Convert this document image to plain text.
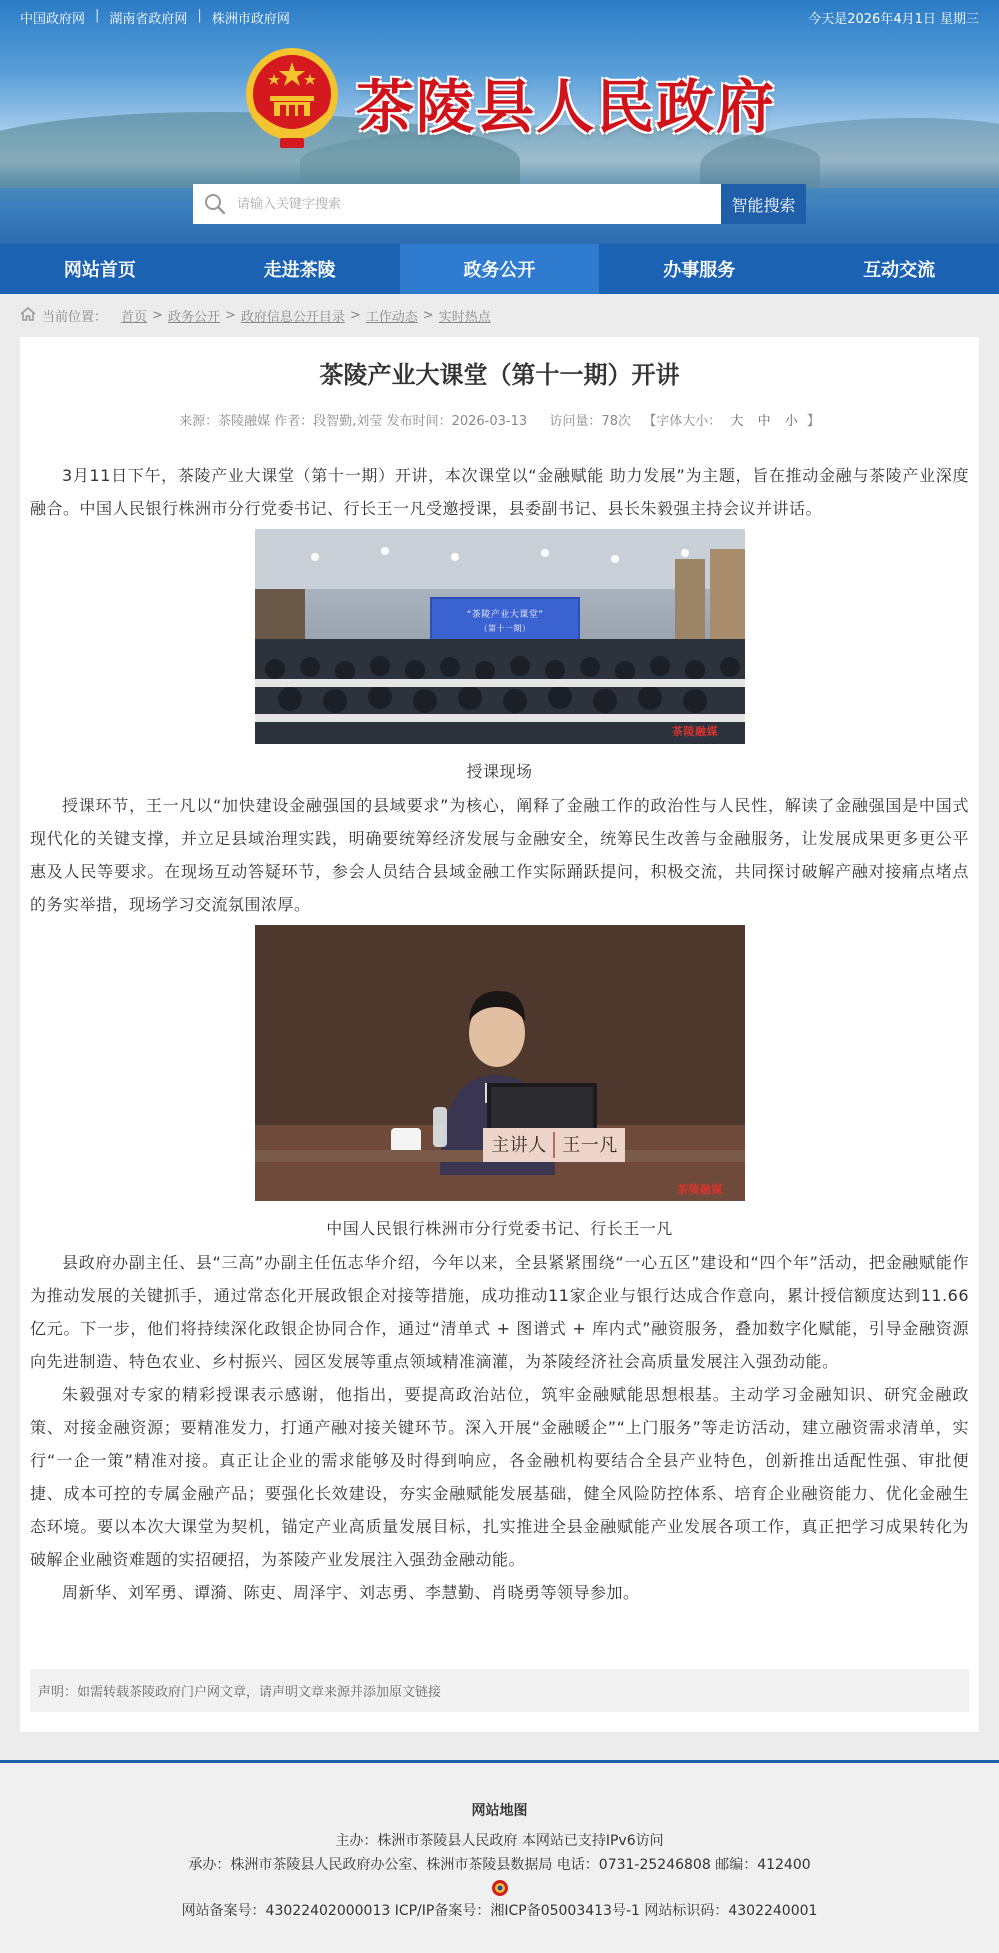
中国政府网 | 湖南省政府网 | 株洲市政府网	今天是2026年4月1日 星期三
茶陵县人民政府
请输入关键字搜索
智能搜索
网站首页	走进茶陵	政务公开	办事服务	互动交流
当前位置： 首页 > 政务公开 > 政府信息公开目录 > 工作动态 > 实时热点
茶陵产业大课堂（第十一期）开讲
来源：茶陵融媒 作者：段智勤,刘莹 发布时间：2026-03-13 访问量：78次 【字体大小： 大 中 小 】

3月11日下午，茶陵产业大课堂（第十一期）开讲，本次课堂以“金融赋能 助力发展”为主题，旨在推动金融与茶陵产业深度融合。中国人民银行株洲市分行党委书记、行长王一凡受邀授课，县委副书记、县长朱毅强主持会议并讲话。

“茶陵产业大课堂”
（第十一期）
茶陵融媒
授课现场

授课环节，王一凡以“加快建设金融强国的县域要求”为核心，阐释了金融工作的政治性与人民性，解读了金融强国是中国式现代化的关键支撑，并立足县域治理实践，明确要统筹经济发展与金融安全，统筹民生改善与金融服务，让发展成果更多更公平惠及人民等要求。在现场互动答疑环节，参会人员结合县域金融工作实际踊跃提问，积极交流，共同探讨破解产融对接痛点堵点的务实举措，现场学习交流氛围浓厚。

主讲人 王一凡
茶陵融媒
中国人民银行株洲市分行党委书记、行长王一凡

县政府办副主任、县“三高”办副主任伍志华介绍，今年以来，全县紧紧围绕“一心五区”建设和“四个年”活动，把金融赋能作为推动发展的关键抓手，通过常态化开展政银企对接等措施，成功推动11家企业与银行达成合作意向，累计授信额度达到11.66亿元。下一步，他们将持续深化政银企协同合作，通过“清单式 + 图谱式 + 库内式”融资服务，叠加数字化赋能，引导金融资源向先进制造、特色农业、乡村振兴、园区发展等重点领域精准滴灌，为茶陵经济社会高质量发展注入强劲动能。

朱毅强对专家的精彩授课表示感谢，他指出，要提高政治站位，筑牢金融赋能思想根基。主动学习金融知识、研究金融政策、对接金融资源；要精准发力，打通产融对接关键环节。深入开展“金融暖企”“上门服务”等走访活动，建立融资需求清单，实行“一企一策”精准对接。真正让企业的需求能够及时得到响应，各金融机构要结合全县产业特色，创新推出适配性强、审批便捷、成本可控的专属金融产品；要强化长效建设，夯实金融赋能发展基础，健全风险防控体系、培育企业融资能力、优化金融生态环境。要以本次大课堂为契机，锚定产业高质量发展目标，扎实推进全县金融赋能产业发展各项工作，真正把学习成果转化为破解企业融资难题的实招硬招，为茶陵产业发展注入强劲金融动能。

周新华、刘军勇、谭漪、陈吏、周泽宇、刘志勇、李慧勤、肖晓勇等领导参加。

声明：如需转载茶陵政府门户网文章，请声明文章来源并添加原文链接
网站地图
主办：株洲市茶陵县人民政府 本网站已支持IPv6访问
承办：株洲市茶陵县人民政府办公室、株洲市茶陵县数据局 电话：0731-25246808 邮编：412400
网站备案号：43022402000013 ICP/IP备案号：湘ICP备05003413号-1 网站标识码：4302240001
